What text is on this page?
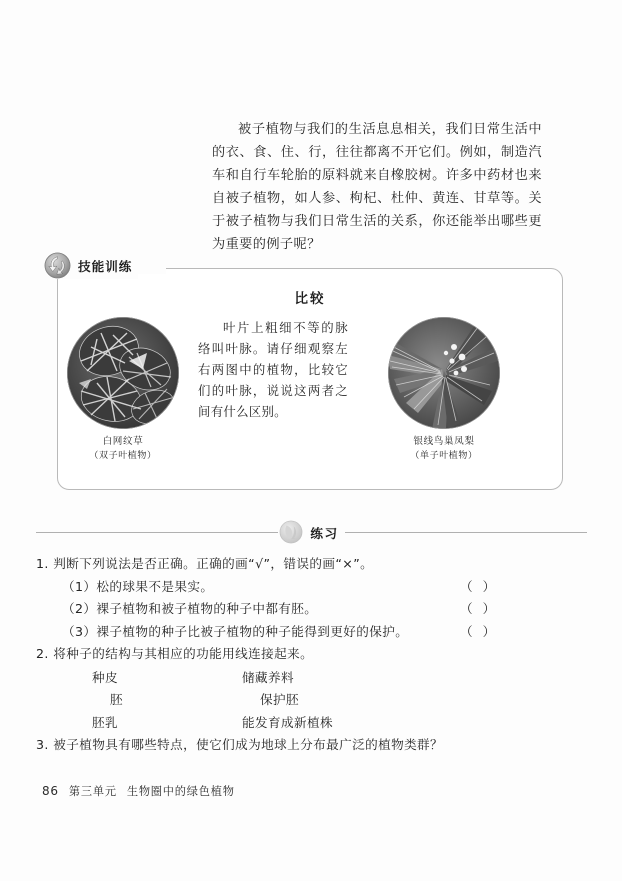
被子植物与我们的生活息息相关，我们日常生活中的衣、食、住、行，往往都离不开它们。例如，制造汽车和自行车轮胎的原料就来自橡胶树。许多中药材也来自被子植物，如人参、枸杞、杜仲、黄连、甘草等。关于被子植物与我们日常生活的关系，你还能举出哪些更为重要的例子呢？
技能训练
比较
白网纹草
（双子叶植物）
叶片上粗细不等的脉络叫叶脉。请仔细观察左右两图中的植物，比较它们的叶脉，说说这两者之间有什么区别。
银线鸟巢凤梨
（单子叶植物）
练习
1. 判断下列说法是否正确。正确的画“√”，错误的画“×”。
（1）松的球果不是果实。	（ ）
（2）裸子植物和被子植物的种子中都有胚。	（ ）
（3）裸子植物的种子比被子植物的种子能得到更好的保护。	（ ）
2. 将种子的结构与其相应的功能用线连接起来。
种皮	储藏养料
胚	保护胚
胚乳	能发育成新植株
3. 被子植物具有哪些特点，使它们成为地球上分布最广泛的植物类群？
86 第三单元 生物圈中的绿色植物
